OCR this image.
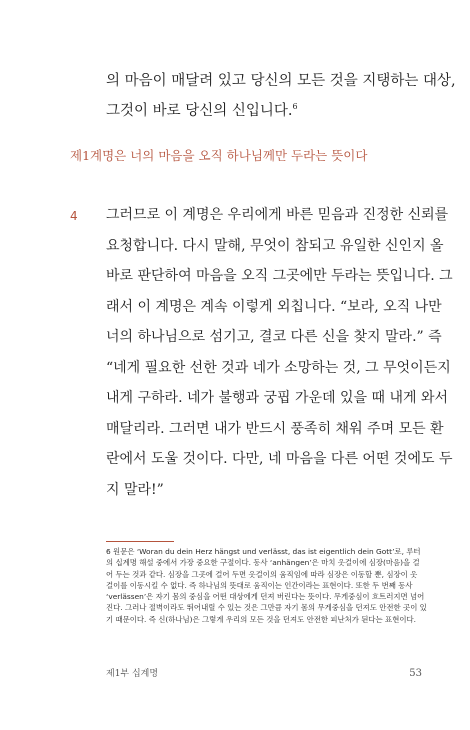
의 마음이 매달려 있고 당신의 모든 것을 지탱하는 대상,
그것이 바로 당신의 신입니다.$^6$
제1계명은 너의 마음을 오직 하나님께만 두라는 뜻이다
4 그러므로 이 계명은 우리에게 바른 믿음과 진정한 신뢰를
요청합니다. 다시 말해, 무엇이 참되고 유일한 신인지 올
바로 판단하여 마음을 오직 그곳에만 두라는 뜻입니다. 그
래서 이 계명은 계속 이렇게 외칩니다. “보라, 오직 나만
너의 하나님으로 섬기고, 결코 다른 신을 찾지 말라.” 즉
“네게 필요한 선한 것과 네가 소망하는 것, 그 무엇이든지
내게 구하라. 네가 불행과 궁핍 가운데 있을 때 내게 와서
매달리라. 그러면 내가 반드시 풍족히 채워 주며 모든 환
란에서 도울 것이다. 다만, 네 마음을 다른 어떤 것에도 두
지 말라!”
6 원문은 ‘Woran du dein Herz hängst und verlässt, das ist eigentlich dein Gott’로, 루터
의 십계명 해설 중에서 가장 중요한 구절이다. 동사 ‘anhängen’은 마치 옷걸이에 심장(마음)을 걸
어 두는 것과 같다. 심장을 그곳에 걸어 두면 옷걸이의 움직임에 따라 심장은 이동할 뿐, 심장이 옷
걸이를 이동시킬 수 없다. 즉 하나님의 뜻대로 움직이는 인간이라는 표현이다. 또한 두 번째 동사
‘verlässen’은 자기 몸의 중심을 어떤 대상에게 던져 버린다는 뜻이다. 무게중심이 흐트러지면 넘어
진다. 그러나 절벽이라도 뛰어내릴 수 있는 것은 그만큼 자기 몸의 무게중심을 던져도 안전한 곳이 있
기 때문이다. 즉 신(하나님)은 그렇게 우리의 모든 것을 던져도 안전한 피난처가 된다는 표현이다.
제1부 십계명	53
